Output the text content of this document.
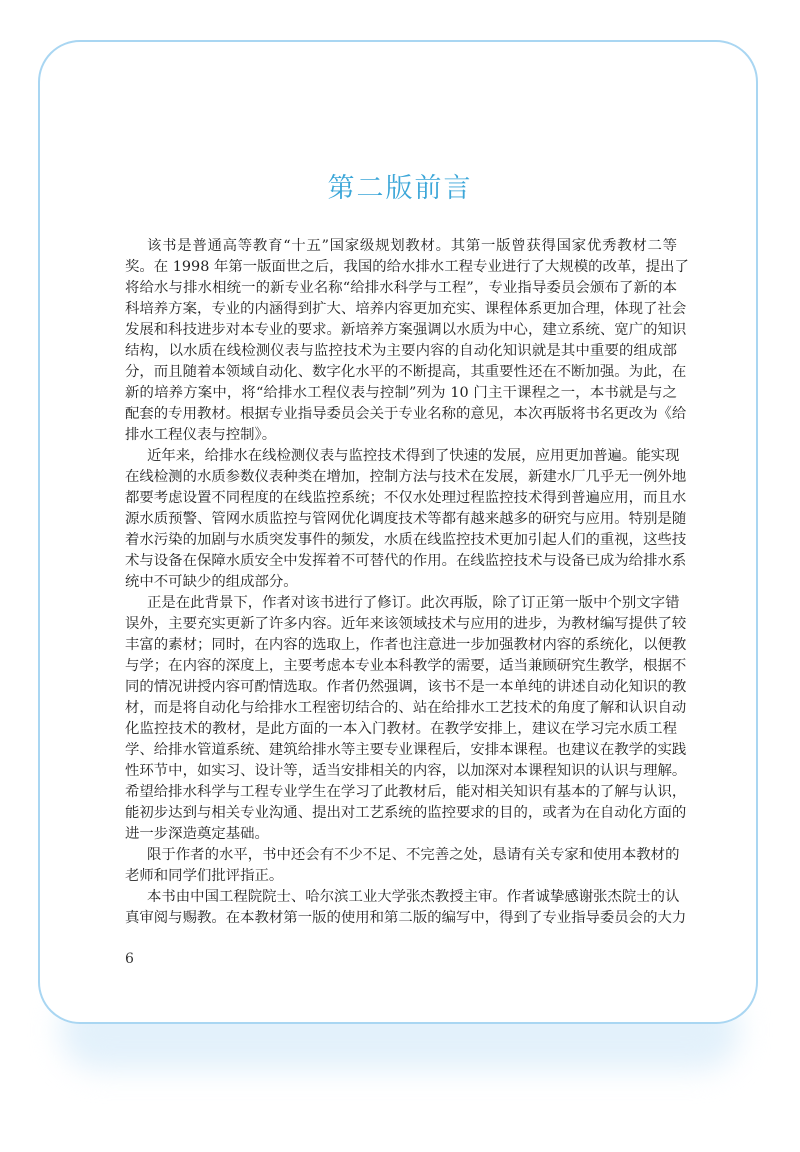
第二版前言
该书是普通高等教育“十五”国家级规划教材。其第一版曾获得国家优秀教材二等
奖。在 1998 年第一版面世之后，我国的给水排水工程专业进行了大规模的改革，提出了
将给水与排水相统一的新专业名称“给排水科学与工程”，专业指导委员会颁布了新的本
科培养方案，专业的内涵得到扩大、培养内容更加充实、课程体系更加合理，体现了社会
发展和科技进步对本专业的要求。新培养方案强调以水质为中心，建立系统、宽广的知识
结构，以水质在线检测仪表与监控技术为主要内容的自动化知识就是其中重要的组成部
分，而且随着本领域自动化、数字化水平的不断提高，其重要性还在不断加强。为此，在
新的培养方案中，将“给排水工程仪表与控制”列为 10 门主干课程之一，本书就是与之
配套的专用教材。根据专业指导委员会关于专业名称的意见，本次再版将书名更改为《给
排水工程仪表与控制》。
近年来，给排水在线检测仪表与监控技术得到了快速的发展，应用更加普遍。能实现
在线检测的水质参数仪表种类在增加，控制方法与技术在发展，新建水厂几乎无一例外地
都要考虑设置不同程度的在线监控系统；不仅水处理过程监控技术得到普遍应用，而且水
源水质预警、管网水质监控与管网优化调度技术等都有越来越多的研究与应用。特别是随
着水污染的加剧与水质突发事件的频发，水质在线监控技术更加引起人们的重视，这些技
术与设备在保障水质安全中发挥着不可替代的作用。在线监控技术与设备已成为给排水系
统中不可缺少的组成部分。
正是在此背景下，作者对该书进行了修订。此次再版，除了订正第一版中个别文字错
误外，主要充实更新了许多内容。近年来该领域技术与应用的进步，为教材编写提供了较
丰富的素材；同时，在内容的选取上，作者也注意进一步加强教材内容的系统化，以便教
与学；在内容的深度上，主要考虑本专业本科教学的需要，适当兼顾研究生教学，根据不
同的情况讲授内容可酌情选取。作者仍然强调，该书不是一本单纯的讲述自动化知识的教
材，而是将自动化与给排水工程密切结合的、站在给排水工艺技术的角度了解和认识自动
化监控技术的教材，是此方面的一本入门教材。在教学安排上，建议在学习完水质工程
学、给排水管道系统、建筑给排水等主要专业课程后，安排本课程。也建议在教学的实践
性环节中，如实习、设计等，适当安排相关的内容，以加深对本课程知识的认识与理解。
希望给排水科学与工程专业学生在学习了此教材后，能对相关知识有基本的了解与认识，
能初步达到与相关专业沟通、提出对工艺系统的监控要求的目的，或者为在自动化方面的
进一步深造奠定基础。
限于作者的水平，书中还会有不少不足、不完善之处，恳请有关专家和使用本教材的
老师和同学们批评指正。
本书由中国工程院院士、哈尔滨工业大学张杰教授主审。作者诚挚感谢张杰院士的认
真审阅与赐教。在本教材第一版的使用和第二版的编写中，得到了专业指导委员会的大力
6
